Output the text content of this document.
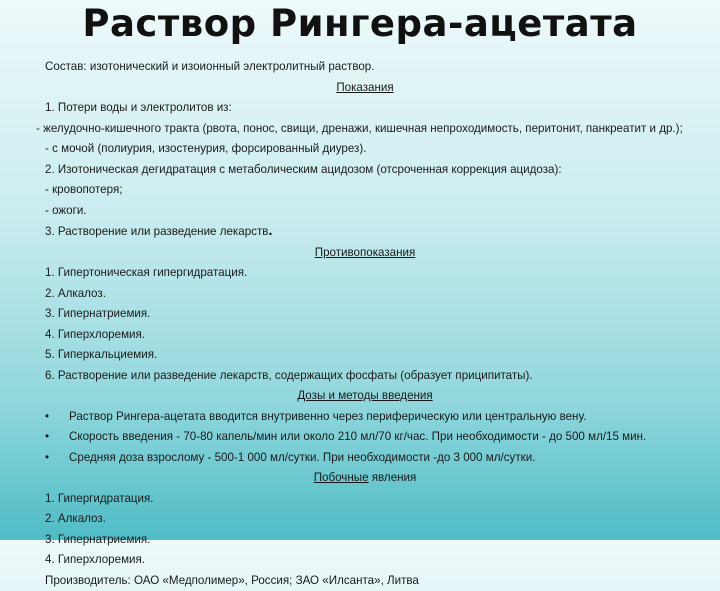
Раствор Рингера-ацетата
Состав: изотонический и изоионный электролитный раствор.
Показания
1. Потери воды и электролитов из:
- желудочно-кишечного тракта (рвота, понос, свищи, дренажи, кишечная непроходимость, перитонит, панкреатит и др.);
- с мочой (полиурия, изостенурия, форсированный диурез).
2. Изотоническая дегидратация с метаболическим ацидозом (отсроченная коррекция ацидоза):
- кровопотеря;
- ожоги.
3. Растворение или разведение лекарств.
Противопоказания
1. Гипертоническая гипергидратация.
2. Алкалоз.
3. Гипернатриемия.
4. Гиперхлоремия.
5. Гиперкальциемия.
6. Растворение или разведение лекарств, содержащих фосфаты (образует приципитаты).
Дозы и методы введения
• Раствор Рингера-ацетата вводится внутривенно через периферическую или центральную вену.
• Скорость введения - 70-80 капель/мин или около 210 мл/70 кг/час. При необходимости - до 500 мл/15 мин.
• Средняя доза взрослому - 500-1 000 мл/сутки. При необходимости -до 3 000 мл/сутки.
Побочные явления
1. Гипергидратация.
2. Алкалоз.
3. Гипернатриемия.
4. Гиперхлоремия.
Производитель: ОАО «Медполимер», Россия; ЗАО «Илсанта», Литва
